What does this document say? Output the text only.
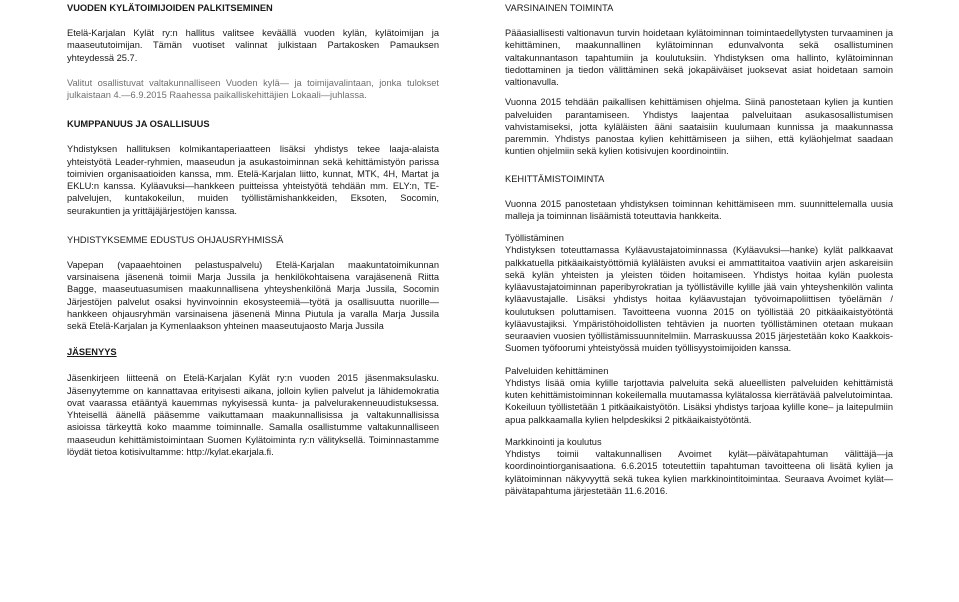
VUODEN KYLÄTOIMIJOIDEN PALKITSEMINEN
Etelä-Karjalan Kylät ry:n hallitus valitsee keväällä vuoden kylän, kylätoimijan ja maaseututoimijan. Tämän vuotiset valinnat julkistaan Partakosken Pamauksen yhteydessä 25.7.
Valitut osallistuvat valtakunnalliseen Vuoden kylä— ja toimijavalintaan, jonka tulokset julkaistaan 4.—6.9.2015 Raahessa paikalliskehittäjien Lokaali—juhlassa.
KUMPPANUUS JA OSALLISUUS
Yhdistyksen hallituksen kolmikantaperiaatteen lisäksi yhdistys tekee laaja-alaista yhteistyötä Leader-ryhmien, maaseudun ja asukastoiminnan sekä kehittämistyön parissa toimivien organisaatioiden kanssa, mm. Etelä-Karjalan liitto, kunnat, MTK, 4H, Martat ja EKLU:n kanssa. Kyläavuksi—hankkeen puitteissa yhteistyötä tehdään mm. ELY:n, TE-palvelujen, kuntakokeilun, muiden työllistämishankkeiden, Eksoten, Socomin, seurakuntien ja yrittäjäjärjestöjen kanssa.
YHDISTYKSEMME EDUSTUS OHJAUSRYHMISSÄ
Vapepan (vapaaehtoinen pelastuspalvelu) Etelä-Karjalan maakuntatoimikunnan varsinaisena jäsenenä toimii Marja Jussila ja henkilökohtaisena varajäsenenä Riitta Bagge, maaseutuasumisen maakunnallisena yhteyshenkilönä Marja Jussila, Socomin Järjestöjen palvelut osaksi hyvinvoinnin ekosysteemiä—työtä ja osallisuutta nuorille—hankkeen ohjausryhmän varsinaisena jäsenenä Minna Piutula ja varalla Marja Jussila sekä Etelä-Karjalan ja Kymenlaakson yhteinen maaseutujaosto Marja Jussila
JÄSENYYS
Jäsenkirjeen liitteenä on Etelä-Karjalan Kylät ry:n vuoden 2015 jäsenmaksulasku. Jäsenyytemme on kannattavaa erityisesti aikana, jolloin kylien palvelut ja lähidemokratia ovat vaarassa etääntyä kauemmas nykyisessä kunta- ja palvelurakenneuudistuksessa. Yhteisellä äänellä pääsemme vaikuttamaan maakunnallisissa ja valtakunnallisissa asioissa tärkeyttä koko maamme toiminnalle. Samalla osallistumme valtakunnalliseen maaseudun kehittämistoimintaan Suomen Kylätoiminta ry:n välityksellä. Toiminnastamme löydät tietoa kotisivultamme: http://kylat.ekarjala.fi.
VARSINAINEN TOIMINTA
Pääasiallisesti valtionavun turvin hoidetaan kylätoiminnan toimintaedellytysten turvaaminen ja kehittäminen, maakunnallinen kylätoiminnan edunvalvonta sekä osallistuminen valtakunnantason tapahtumiin ja koulutuksiin. Yhdistyksen oma hallinto, kylätoiminnan tiedottaminen ja tiedon välittäminen sekä jokapäiväiset juoksevat asiat hoidetaan samoin valtionavulla.
Vuonna 2015 tehdään paikallisen kehittämisen ohjelma. Siinä panostetaan kylien ja kuntien palveluiden parantamiseen. Yhdistys laajentaa palveluitaan asukasosallistumisen vahvistamiseksi, jotta kyläläisten ääni saataisiin kuulumaan kunnissa ja maakunnassa paremmin. Yhdistys panostaa kylien kehittämiseen ja siihen, että kyläohjelmat saadaan kuntien ohjelmiin sekä kylien kotisivujen koordinointiin.
KEHITTÄMISTOIMINTA
Vuonna 2015 panostetaan yhdistyksen toiminnan kehittämiseen mm. suunnittelemalla uusia malleja ja toiminnan lisäämistä toteuttavia hankkeita.
Työllistäminen
Yhdistyksen toteuttamassa Kyläavustajatoiminnassa (Kyläavuksi—hanke) kylät palkkaavat palkkatuella pitkäaikaistyöttömiä kyläläisten avuksi ei ammattitaitoa vaativiin arjen askareisiin sekä kylän yhteisten ja yleisten töiden hoitamiseen. Yhdistys hoitaa kylän puolesta kyläavustajatoiminnan paperibyrokratian ja työllistäville kylille jää vain yhteyshenkilön valinta kyläavustajalle. Lisäksi yhdistys hoitaa kyläavustajan työvoimapoliittisen työelämän / koulutuksen poluttamisen. Tavoitteena vuonna 2015 on työllistää 20 pitkäaikaistyötöntä kyläavustajiksi. Ympäristöhoidollisten tehtävien ja nuorten työllistäminen otetaan mukaan seuraavien vuosien työllistämissuunnitelmiin. Marraskuussa 2015 järjestetään koko Kaakkois-Suomen työfoorumi yhteistyössä muiden työllisyystoimijoiden kanssa.
Palveluiden kehittäminen
Yhdistys lisää omia kylille tarjottavia palveluita sekä alueellisten palveluiden kehittämistä kuten kehittämistoiminnan kokeilemalla muutamassa kylätalossa kierrätävää palvelutoimintaa. Kokeiluun työllistetään 1 pitkäaikaistyötön. Lisäksi yhdistys tarjoaa kylille kone– ja laitepulmiin apua palkkaamalla kylien helpdeskiksi 2 pitkäaikaistyötöntä.
Markkinointi ja koulutus
Yhdistys toimii valtakunnallisen Avoimet kylät—päivätapahtuman välittäjä—ja koordinointiorganisaationa. 6.6.2015 toteutettiin tapahtuman tavoitteena oli lisätä kylien ja kylätoiminnan näkyvyyttä sekä tukea kylien markkinointitoimintaa. Seuraava Avoimet kylät—päivätapahtuma järjestetään 11.6.2016.
